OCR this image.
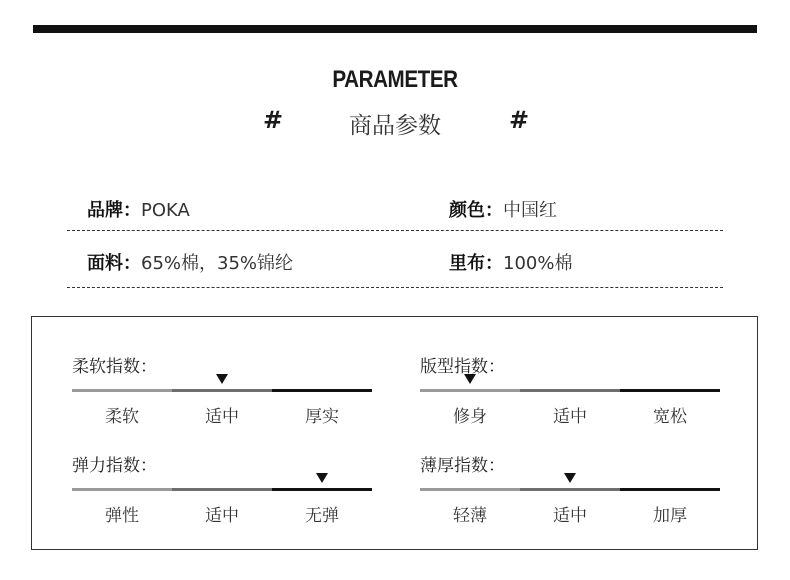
PARAMETER
#	商品参数	#
品牌：POKA	颜色：中国红
面料：65%棉，35%锦纶	里布：100%棉
柔软指数：
柔软	适中	厚实
版型指数：
修身	适中	宽松
弹力指数：
弹性	适中	无弹
薄厚指数：
轻薄	适中	加厚
